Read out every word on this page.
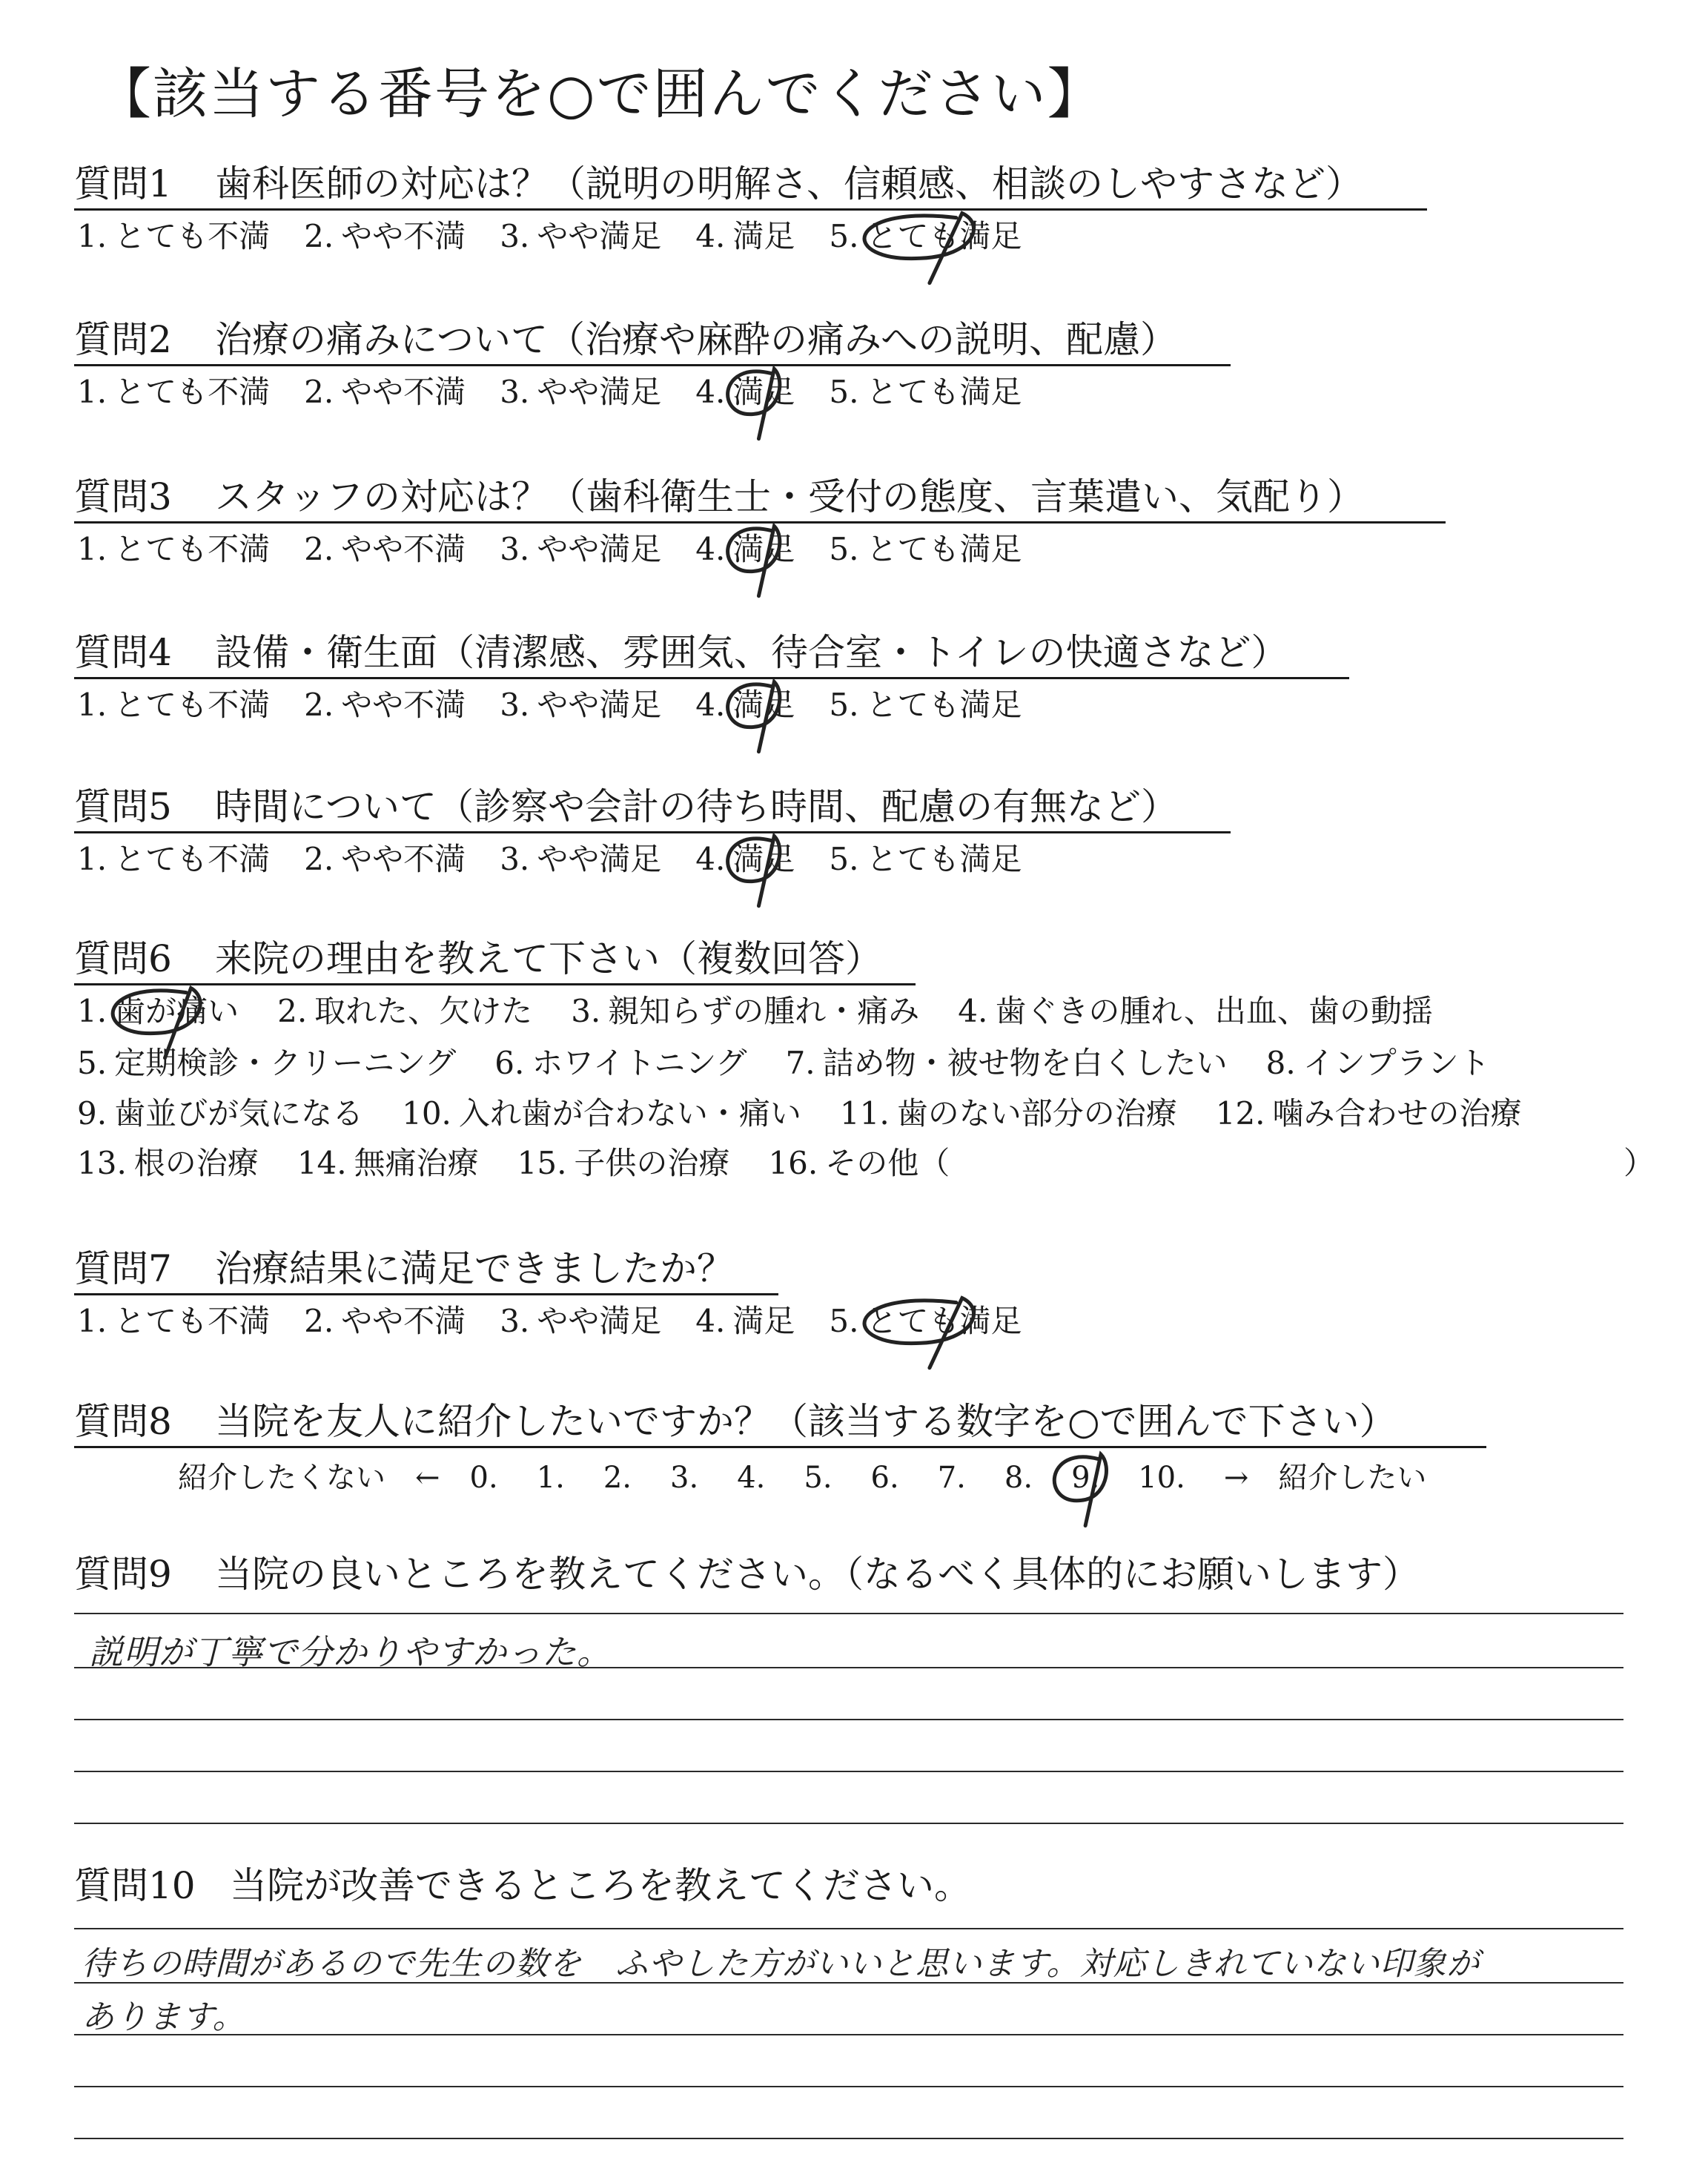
【該当する番号を○で囲んでください】
質問1 歯科医師の対応は？（説明の明解さ、信頼感、相談のしやすさなど）
1. とても不満 2. やや不満 3. やや満足 4. 満足 5. とても満足
質問2 治療の痛みについて（治療や麻酔の痛みへの説明、配慮）
1. とても不満 2. やや不満 3. やや満足 4. 満足 5. とても満足
質問3 スタッフの対応は？（歯科衛生士・受付の態度、言葉遣い、気配り）
1. とても不満 2. やや不満 3. やや満足 4. 満足 5. とても満足
質問4 設備・衛生面（清潔感、雰囲気、待合室・トイレの快適さなど）
1. とても不満 2. やや不満 3. やや満足 4. 満足 5. とても満足
質問5 時間について（診察や会計の待ち時間、配慮の有無など）
1. とても不満 2. やや不満 3. やや満足 4. 満足 5. とても満足
質問6 来院の理由を教えて下さい（複数回答）
1. 歯が痛い 2. 取れた、欠けた 3. 親知らずの腫れ・痛み 4. 歯ぐきの腫れ、出血、歯の動揺
5. 定期検診・クリーニング 6. ホワイトニング 7. 詰め物・被せ物を白くしたい 8. インプラント
9. 歯並びが気になる 10. 入れ歯が合わない・痛い 11. 歯のない部分の治療 12. 噛み合わせの治療
13. 根の治療 14. 無痛治療 15. 子供の治療 16. その他（	）
質問7 治療結果に満足できましたか？
1. とても不満 2. やや不満 3. やや満足 4. 満足 5. とても満足
質問8 当院を友人に紹介したいですか？（該当する数字を○で囲んで下さい）
紹介したくない ← 0. 1. 2. 3. 4. 5. 6. 7. 8. 9. 10. → 紹介したい
質問9 当院の良いところを教えてください。（なるべく具体的にお願いします）
説明が丁寧で分かりやすかった。
質問10 当院が改善できるところを教えてください。
待ちの時間があるので先生の数を　ふやした方がいいと思います。対応しきれていない印象が
あります。
